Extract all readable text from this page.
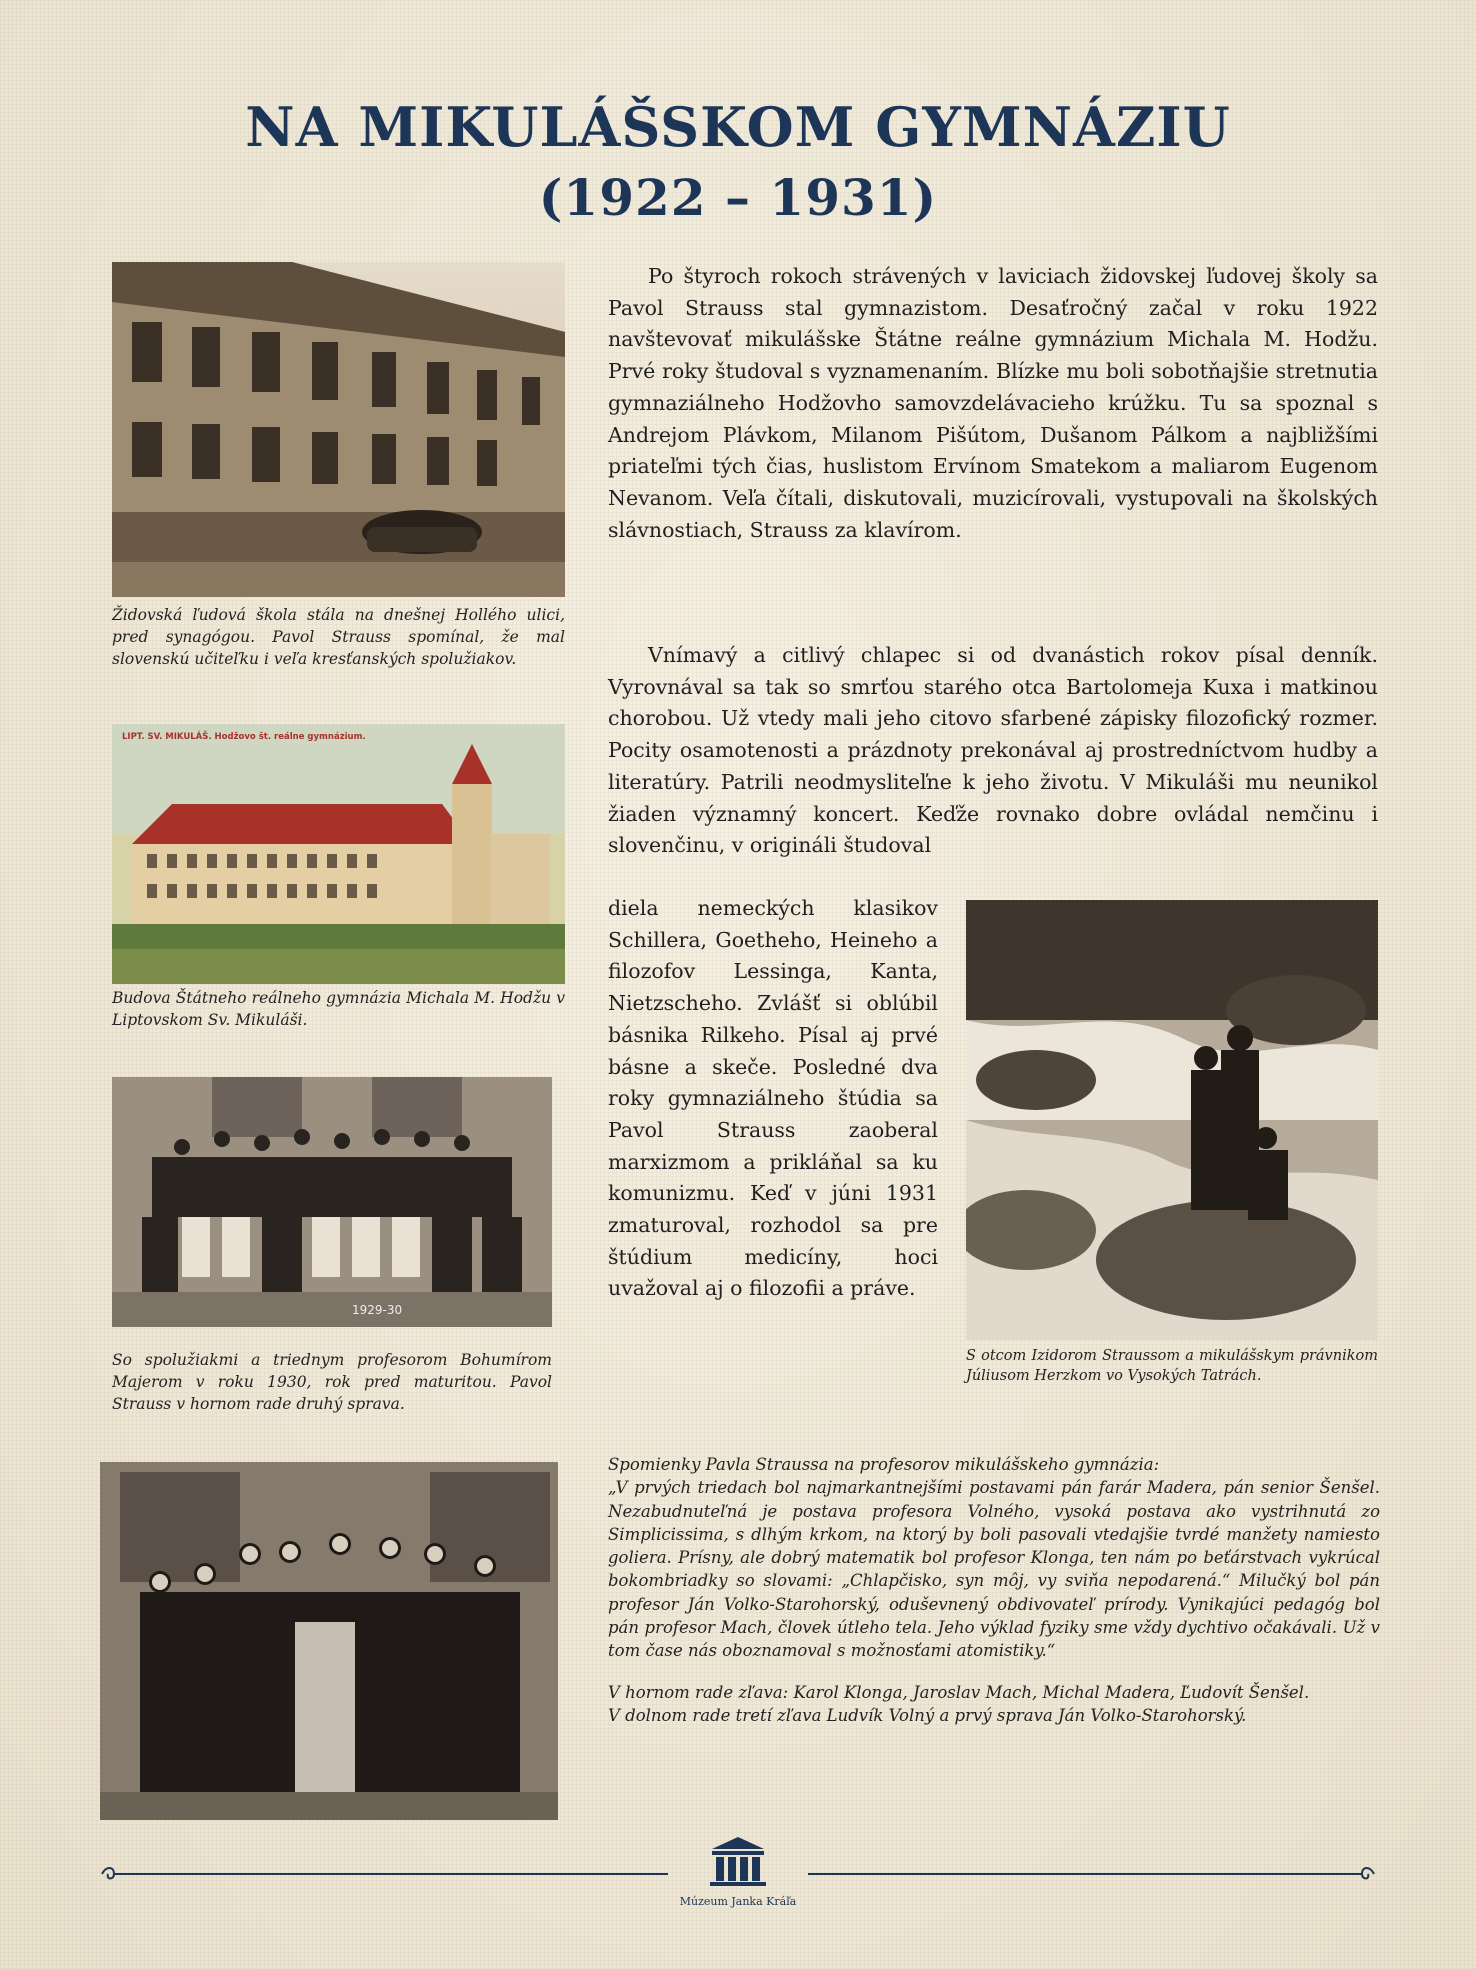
NA MIKULÁŠSKOM GYMNÁZIU
(1922 – 1931)
Židovská ľudová škola stála na dnešnej Hollého ulici, pred synagógou. Pavol Strauss spomínal, že mal slovenskú učiteľku i veľa kresťanských spolužiakov.
LIPT. SV. MIKULÁŠ. Hodžovo št. reálne gymnázium.
Budova Štátneho reálneho gymnázia Michala M. Hodžu v Liptovskom Sv. Mikuláši.
1929-30
So spolužiakmi a triednym profesorom Bohumírom Majerom v roku 1930, rok pred maturitou. Pavol Strauss v hornom rade druhý sprava.

Po štyroch rokoch strávených v laviciach židovskej ľudovej školy sa Pavol Strauss stal gymnazistom. Desaťročný začal v roku 1922 navštevovať mikulášske Štátne reálne gymnázium Michala M. Hodžu. Prvé roky študoval s vyznamenaním. Blízke mu boli sobotňajšie stretnutia gymnaziálneho Hodžovho samovzdelávacieho krúžku. Tu sa spoznal s Andrejom Plávkom, Milanom Pišútom, Dušanom Pálkom a najbližšími priateľmi tých čias, huslistom Ervínom Smatekom a maliarom Eugenom Nevanom. Veľa čítali, diskutovali, muzicírovali, vystupovali na školských slávnostiach, Strauss za klavírom.

Vnímavý a citlivý chlapec si od dvanástich rokov písal denník. Vyrovnával sa tak so smrťou starého otca Bartolomeja Kuxa i matkinou chorobou. Už vtedy mali jeho citovo sfarbené zápisky filozofický rozmer. Pocity osamotenosti a prázdnoty prekonával aj prostredníctvom hudby a literatúry. Patrili neodmysliteľne k jeho životu. V Mikuláši mu neunikol žiaden významný koncert. Keďže rovnako dobre ovládal nemčinu i slovenčinu, v origináli študoval

diela nemeckých klasikov Schillera, Goetheho, Heineho a filozofov Lessinga, Kanta, Nietzscheho. Zvlášť si oblúbil básnika Rilkeho. Písal aj prvé básne a skeče. Posledné dva roky gymnaziálneho štúdia sa Pavol Strauss zaoberal marxizmom a prikláňal sa ku komunizmu. Keď v júni 1931 zmaturoval, rozhodol sa pre štúdium medicíny, hoci uvažoval aj o filozofii a práve.

S otcom Izidorom Straussom a mikulášskym právnikom Júliusom Herzkom vo Vysokých Tatrách.

Spomienky Pavla Straussa na profesorov mikulášskeho gymnázia:

„V prvých triedach bol najmarkantnejšími postavami pán farár Madera, pán senior Šenšel. Nezabudnuteľná je postava profesora Volného, vysoká postava ako vystrihnutá zo Simplicissima, s dlhým krkom, na ktorý by boli pasovali vtedajšie tvrdé manžety namiesto goliera. Prísny, ale dobrý matematik bol profesor Klonga, ten nám po beťárstvach vykrúcal bokombriadky so slovami: „Chlapčisko, syn môj, vy sviňa nepodarená.“ Milučký bol pán profesor Ján Volko-Starohorský, oduševnený obdivovateľ prírody. Vynikajúci pedagóg bol pán profesor Mach, človek útleho tela. Jeho výklad fyziky sme vždy dychtivo očakávali. Už v tom čase nás oboznamoval s možnosťami atomistiky.“

V hornom rade zľava: Karol Klonga, Jaroslav Mach, Michal Madera, Ľudovít Šenšel.

V dolnom rade tretí zľava Ludvík Volný a prvý sprava Ján Volko-Starohorský.

Múzeum Janka Kráľa
